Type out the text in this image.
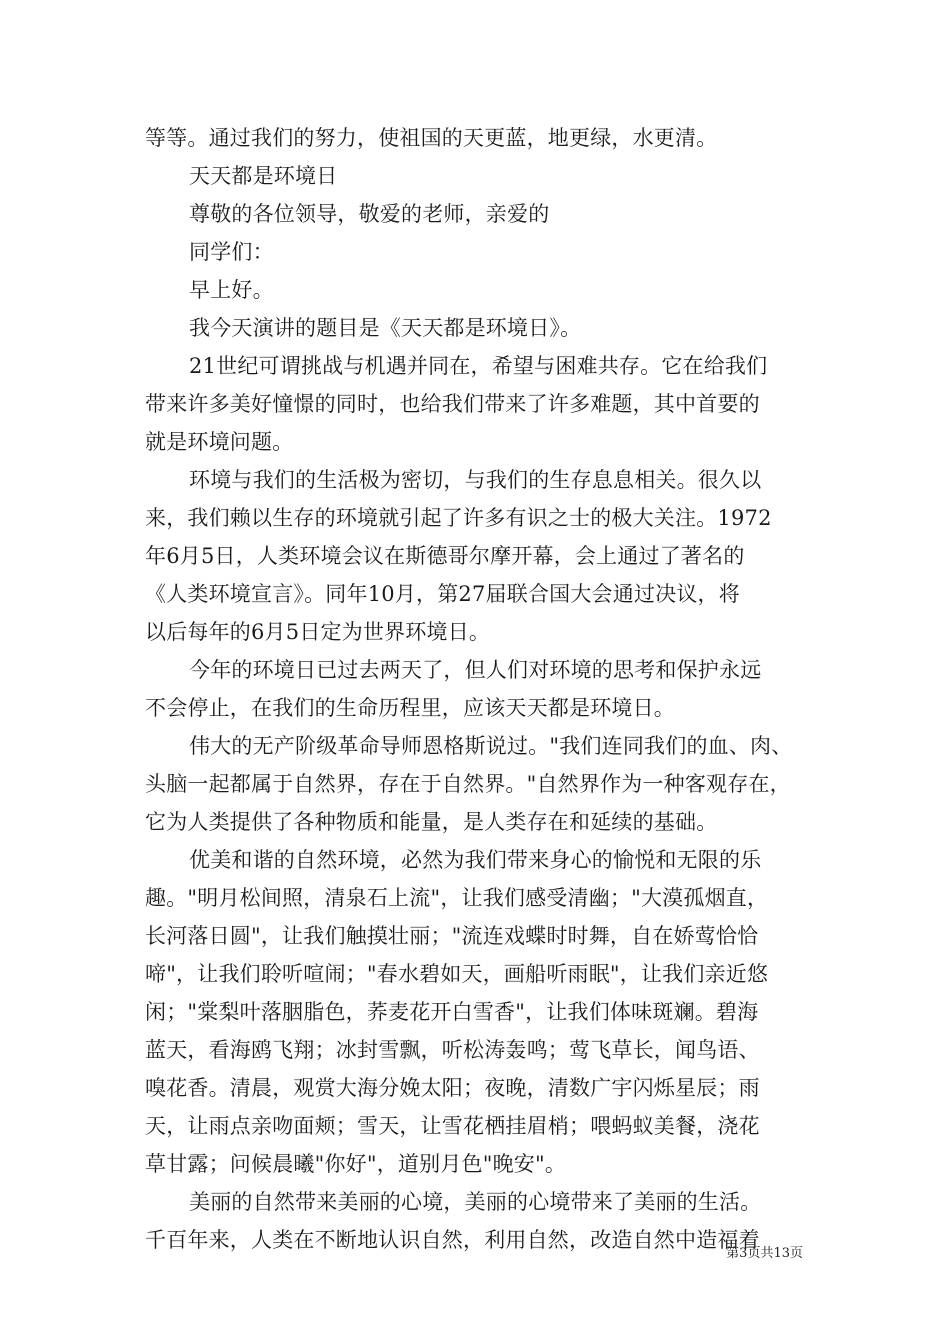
等等。通过我们的努力，使祖国的天更蓝，地更绿，水更清。
天天都是环境日
尊敬的各位领导，敬爱的老师，亲爱的
同学们：
早上好。
我今天演讲的题目是《天天都是环境日》。
21世纪可谓挑战与机遇并同在，希望与困难共存。它在给我们
带来许多美好憧憬的同时，也给我们带来了许多难题，其中首要的
就是环境问题。
环境与我们的生活极为密切，与我们的生存息息相关。很久以
来，我们赖以生存的环境就引起了许多有识之士的极大关注。1972
年6月5日，人类环境会议在斯德哥尔摩开幕，会上通过了著名的
《人类环境宣言》。同年10月，第27届联合国大会通过决议，将
以后每年的6月5日定为世界环境日。
今年的环境日已过去两天了，但人们对环境的思考和保护永远
不会停止，在我们的生命历程里，应该天天都是环境日。
伟大的无产阶级革命导师恩格斯说过。"我们连同我们的血、肉、
头脑一起都属于自然界，存在于自然界。"自然界作为一种客观存在，
它为人类提供了各种物质和能量，是人类存在和延续的基础。
优美和谐的自然环境，必然为我们带来身心的愉悦和无限的乐
趣。"明月松间照，清泉石上流"，让我们感受清幽；"大漠孤烟直，
长河落日圆"，让我们触摸壮丽；"流连戏蝶时时舞，自在娇莺恰恰
啼"，让我们聆听喧闹；"春水碧如天，画船听雨眠"，让我们亲近悠
闲；"棠梨叶落胭脂色，荞麦花开白雪香"，让我们体味斑斓。碧海
蓝天，看海鸥飞翔；冰封雪飘，听松涛轰鸣；莺飞草长，闻鸟语、
嗅花香。清晨，观赏大海分娩太阳；夜晚，清数广宇闪烁星辰；雨
天，让雨点亲吻面颊；雪天，让雪花栖挂眉梢；喂蚂蚁美餐，浇花
草甘露；问候晨曦"你好"，道别月色"晚安"。
美丽的自然带来美丽的心境，美丽的心境带来了美丽的生活。
千百年来，人类在不断地认识自然，利用自然，改造自然中造福着
第3页共13页
